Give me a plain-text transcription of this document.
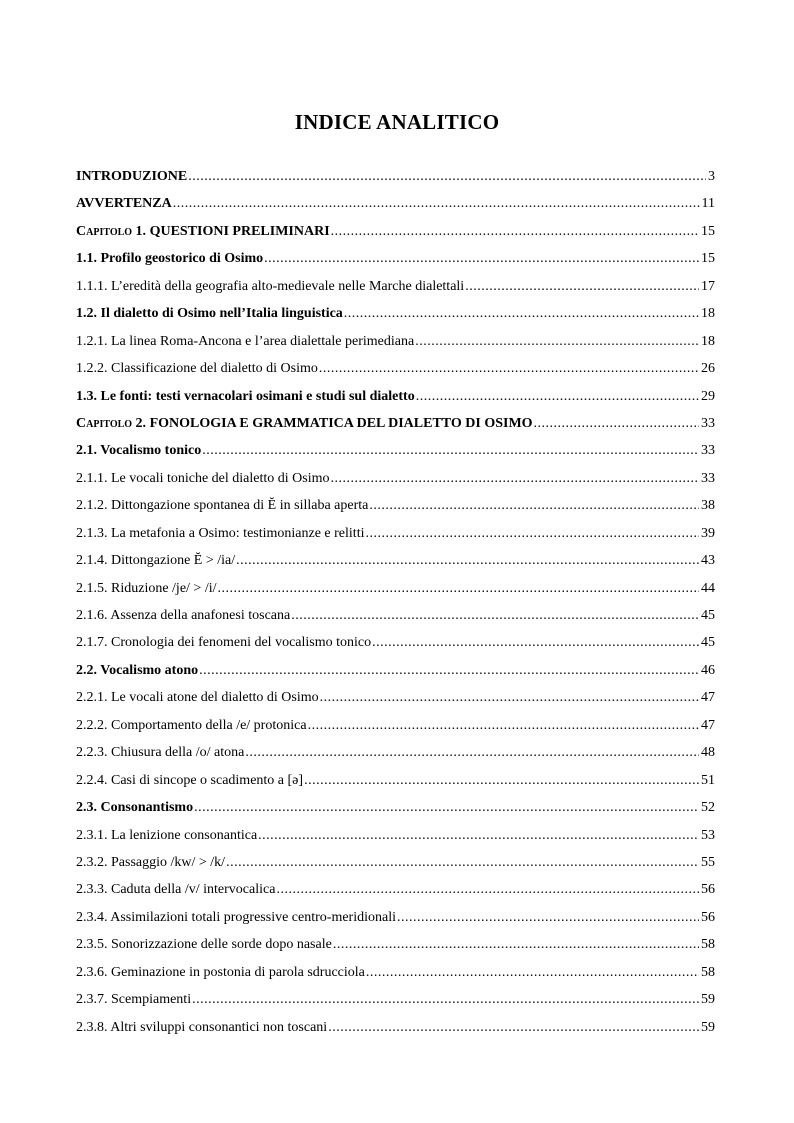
INDICE ANALITICO
INTRODUZIONE .....	3
AVVERTENZA .....	11
Capitolo 1. QUESTIONI PRELIMINARI .....	15
1.1. Profilo geostorico di Osimo .....	15
1.1.1. L’eredità della geografia alto-medievale nelle Marche dialettali .....	17
1.2. Il dialetto di Osimo nell’Italia linguistica .....	18
1.2.1. La linea Roma-Ancona e l’area dialettale perimediana .....	18
1.2.2. Classificazione del dialetto di Osimo .....	26
1.3. Le fonti: testi vernacolari osimani e studi sul dialetto .....	29
Capitolo 2. FONOLOGIA E GRAMMATICA DEL DIALETTO DI OSIMO .....	33
2.1. Vocalismo tonico .....	33
2.1.1. Le vocali toniche del dialetto di Osimo .....	33
2.1.2. Dittongazione spontanea di Ĕ in sillaba aperta .....	38
2.1.3. La metafonia a Osimo: testimonianze e relitti .....	39
2.1.4. Dittongazione Ĕ > /ia/ .....	43
2.1.5. Riduzione /je/ > /i/ .....	44
2.1.6. Assenza della anafonesi toscana .....	45
2.1.7. Cronologia dei fenomeni del vocalismo tonico .....	45
2.2. Vocalismo atono .....	46
2.2.1. Le vocali atone del dialetto di Osimo .....	47
2.2.2. Comportamento della /e/ protonica .....	47
2.2.3. Chiusura della /o/ atona .....	48
2.2.4. Casi di sincope o scadimento a [ə] .....	51
2.3. Consonantismo .....	52
2.3.1. La lenizione consonantica .....	53
2.3.2. Passaggio /kw/ > /k/ .....	55
2.3.3. Caduta della /v/ intervocalica .....	56
2.3.4. Assimilazioni totali progressive centro-meridionali .....	56
2.3.5. Sonorizzazione delle sorde dopo nasale .....	58
2.3.6. Geminazione in postonia di parola sdrucciola .....	58
2.3.7. Scempiamenti .....	59
2.3.8. Altri sviluppi consonantici non toscani .....	59
